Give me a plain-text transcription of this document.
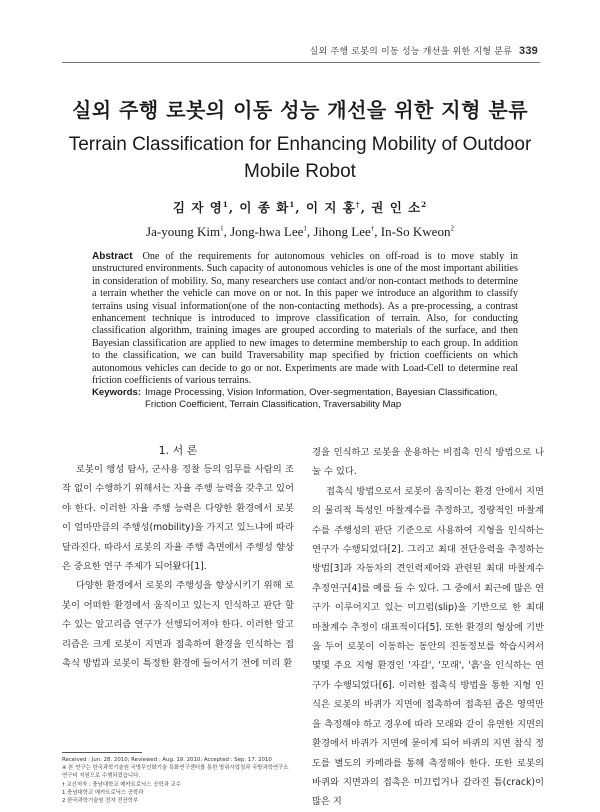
실외 주행 로봇의 이동 성능 개선을 위한 지형 분류 339
실외 주행 로봇의 이동 성능 개선을 위한 지형 분류
Terrain Classification for Enhancing Mobility of Outdoor
Mobile Robot
김 자 영$^1$, 이 종 화$^1$, 이 지 홍†, 권 인 소$^2$
Ja-young Kim$^1$, Jong-hwa Lee$^1$, Jihong Lee†, In-So Kweon$^2$
Abstract One of the requirements for autonomous vehicles on off-road is to move stably in unstructured environments. Such capacity of autonomous vehicles is one of the most important abilities in consideration of mobility. So, many researchers use contact and/or non-contact methods to determine a terrain whether the vehicle can move on or not. In this paper we introduce an algorithm to classify terrains using visual information(one of the non-contacting methods). As a pre-processing, a contrast enhancement technique is introduced to improve classification of terrain. Also, for conducting classification algorithm, training images are grouped according to materials of the surface, and then Bayesian classification are applied to new images to determine membership to each group. In addition to the classification, we can build Traversability map specified by friction coefficients on which autonomous vehicles can decide to go or not. Experiments are made with Load-Cell to determine real friction coefficients of various terrains.
Keywords: Image Processing, Vision Information, Over-segmentation, Bayesian Classification, Friction Coefficient, Terrain Classification, Traversability Map
1. 서 론

로봇이 행성 탐사, 군사용 정찰 등의 임무를 사람의 조작 없이 수행하기 위해서는 자율 주행 능력을 갖추고 있어야 한다. 이러한 자율 주행 능력은 다양한 환경에서 로봇이 얼마만큼의 주행성(mobility)을 가지고 있느냐에 따라 달라진다. 따라서 로봇의 자율 주행 측면에서 주행성 향상은 중요한 연구 주제가 되어왔다[1].

다양한 환경에서 로봇의 주행성을 향상시키기 위해 로봇이 어떠한 환경에서 움직이고 있는지 인식하고 판단 할 수 있는 알고리즘 연구가 선행되어져야 한다. 이러한 알고리즘은 크게 로봇이 지면과 접촉하여 환경을 인식하는 접촉식 방법과 로봇이 특정한 환경에 들어서기 전에 미리 환

경을 인식하고 로봇을 운용하는 비접촉 인식 방법으로 나눌 수 있다.

접촉식 방법으로서 로봇이 움직이는 환경 안에서 지면의 물리적 특성인 마찰계수를 추정하고, 정량적인 마찰계수를 주행성의 판단 기준으로 사용하여 지형을 인식하는 연구가 수행되었다[2]. 그리고 최대 전단응력을 추정하는 방법[3]과 자동차의 견인력제어와 관련된 최대 마찰계수 추정연구[4]를 예를 들 수 있다. 그 중에서 최근에 많은 연구가 이루어지고 있는 미끄럼(slip)을 기반으로 한 최대 마찰계수 추정이 대표적이다[5]. 또한 환경의 형상에 기반을 두어 로봇이 이동하는 동안의 진동정보를 학습시켜서 몇몇 주요 지형 환경인 '자갈', '모래', '흙'을 인식하는 연구가 수행되었다[6]. 이러한 접촉식 방법을 통한 지형 인식은 로봇의 바퀴가 지면에 접촉하여 접촉된 좁은 영역만을 측정해야 하고 경우에 따라 모래와 같이 유연한 지면의 환경에서 바퀴가 지면에 묻이게 되어 바퀴의 지면 참식 정도를 별도의 카메라를 통해 측정해야 한다. 또한 로봇의 바퀴와 지면과의 접촉은 미끄럽거나 갈라진 틈(crack)이 많은 지

Received : Jun. 28. 2010; Reviewed : Aug. 19. 2010; Accepted : Sep. 17. 2010
※ 본 연구는 한국과학기술원 국방무인화기술 특화연구센터를 통한 방위사업청과 국방과학연구소 연구비 지원으로 수행되었습니다.
† 교신저자 : 충남대학교 메카트로닉스 공학과 교수
1 충남대학교 메카트로닉스 공학과
2 한국과학기술원 전자 전산학부
